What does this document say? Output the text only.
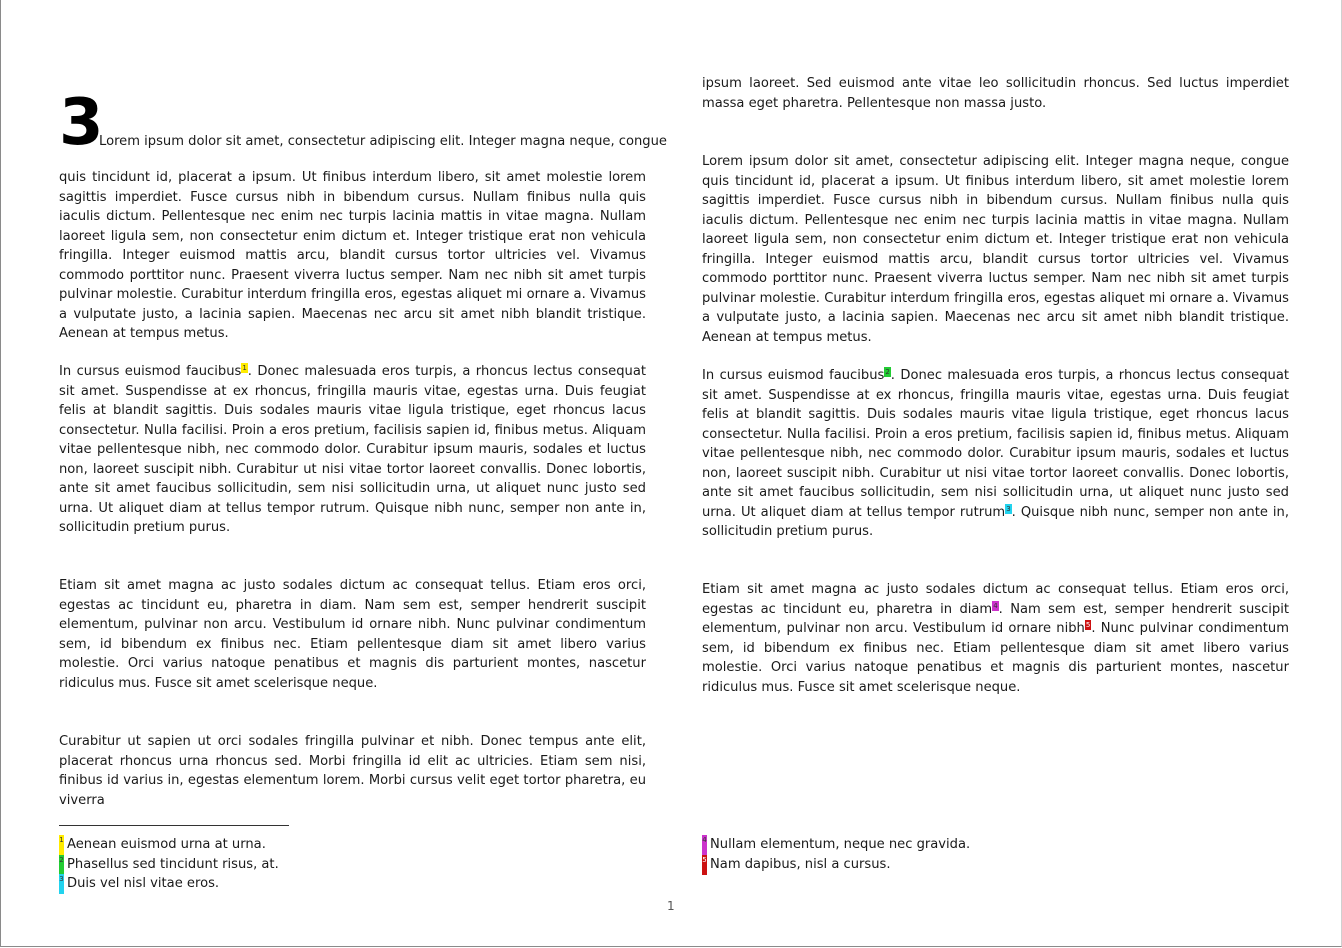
3
Lorem ipsum dolor sit amet, consectetur adipiscing elit. Integer magna neque, congue

quis tincidunt id, placerat a ipsum. Ut finibus interdum libero, sit amet molestie lorem sagittis imperdiet. Fusce cursus nibh in bibendum cursus. Nullam finibus nulla quis iaculis dictum. Pellentesque nec enim nec turpis lacinia mattis in vitae magna. Nullam laoreet ligula sem, non consectetur enim dictum et. Integer tristique erat non vehicula fringilla. Integer euismod mattis arcu, blandit cursus tortor ultricies vel. Vivamus commodo porttitor nunc. Praesent viverra luctus semper. Nam nec nibh sit amet turpis pulvinar molestie. Curabitur interdum fringilla eros, egestas aliquet mi ornare a. Vivamus a vulputate justo, a lacinia sapien. Maecenas nec arcu sit amet nibh blandit tristique. Aenean at tempus metus.

In cursus euismod faucibus1. Donec malesuada eros turpis, a rhoncus lectus consequat sit amet. Suspendisse at ex rhoncus, fringilla mauris vitae, egestas urna. Duis feugiat felis at blandit sagittis. Duis sodales mauris vitae ligula tristique, eget rhoncus lacus consectetur. Nulla facilisi. Proin a eros pretium, facilisis sapien id, finibus metus. Aliquam vitae pellentesque nibh, nec commodo dolor. Curabitur ipsum mauris, sodales et luctus non, laoreet suscipit nibh. Curabitur ut nisi vitae tortor laoreet convallis. Donec lobortis, ante sit amet faucibus sollicitudin, sem nisi sollicitudin urna, ut aliquet nunc justo sed urna. Ut aliquet diam at tellus tempor rutrum. Quisque nibh nunc, semper non ante in, sollicitudin pretium purus.

Etiam sit amet magna ac justo sodales dictum ac consequat tellus. Etiam eros orci, egestas ac tincidunt eu, pharetra in diam. Nam sem est, semper hendrerit suscipit elementum, pulvinar non arcu. Vestibulum id ornare nibh. Nunc pulvinar condimentum sem, id bibendum ex finibus nec. Etiam pellentesque diam sit amet libero varius molestie. Orci varius natoque penatibus et magnis dis parturient montes, nascetur ridiculus mus. Fusce sit amet scelerisque neque.

Curabitur ut sapien ut orci sodales fringilla pulvinar et nibh. Donec tempus ante elit, placerat rhoncus urna rhoncus sed. Morbi fringilla id elit ac ultricies. Etiam sem nisi, finibus id varius in, egestas elementum lorem. Morbi cursus velit eget tortor pharetra, eu viverra

1 Aenean euismod urna at urna.
2 Phasellus sed tincidunt risus, at.
3 Duis vel nisl vitae eros.

ipsum laoreet. Sed euismod ante vitae leo sollicitudin rhoncus. Sed luctus imperdiet massa eget pharetra. Pellentesque non massa justo.

Lorem ipsum dolor sit amet, consectetur adipiscing elit. Integer magna neque, congue quis tincidunt id, placerat a ipsum. Ut finibus interdum libero, sit amet molestie lorem sagittis imperdiet. Fusce cursus nibh in bibendum cursus. Nullam finibus nulla quis iaculis dictum. Pellentesque nec enim nec turpis lacinia mattis in vitae magna. Nullam laoreet ligula sem, non consectetur enim dictum et. Integer tristique erat non vehicula fringilla. Integer euismod mattis arcu, blandit cursus tortor ultricies vel. Vivamus commodo porttitor nunc. Praesent viverra luctus semper. Nam nec nibh sit amet turpis pulvinar molestie. Curabitur interdum fringilla eros, egestas aliquet mi ornare a. Vivamus a vulputate justo, a lacinia sapien. Maecenas nec arcu sit amet nibh blandit tristique. Aenean at tempus metus.

In cursus euismod faucibus2. Donec malesuada eros turpis, a rhoncus lectus consequat sit amet. Suspendisse at ex rhoncus, fringilla mauris vitae, egestas urna. Duis feugiat felis at blandit sagittis. Duis sodales mauris vitae ligula tristique, eget rhoncus lacus consectetur. Nulla facilisi. Proin a eros pretium, facilisis sapien id, finibus metus. Aliquam vitae pellentesque nibh, nec commodo dolor. Curabitur ipsum mauris, sodales et luctus non, laoreet suscipit nibh. Curabitur ut nisi vitae tortor laoreet convallis. Donec lobortis, ante sit amet faucibus sollicitudin, sem nisi sollicitudin urna, ut aliquet nunc justo sed urna. Ut aliquet diam at tellus tempor rutrum3. Quisque nibh nunc, semper non ante in, sollicitudin pretium purus.

Etiam sit amet magna ac justo sodales dictum ac consequat tellus. Etiam eros orci, egestas ac tincidunt eu, pharetra in diam4. Nam sem est, semper hendrerit suscipit elementum, pulvinar non arcu. Vestibulum id ornare nibh5. Nunc pulvinar condimentum sem, id bibendum ex finibus nec. Etiam pellentesque diam sit amet libero varius molestie. Orci varius natoque penatibus et magnis dis parturient montes, nascetur ridiculus mus. Fusce sit amet scelerisque neque.

4 Nullam elementum, neque nec gravida.
5 Nam dapibus, nisl a cursus.
1
